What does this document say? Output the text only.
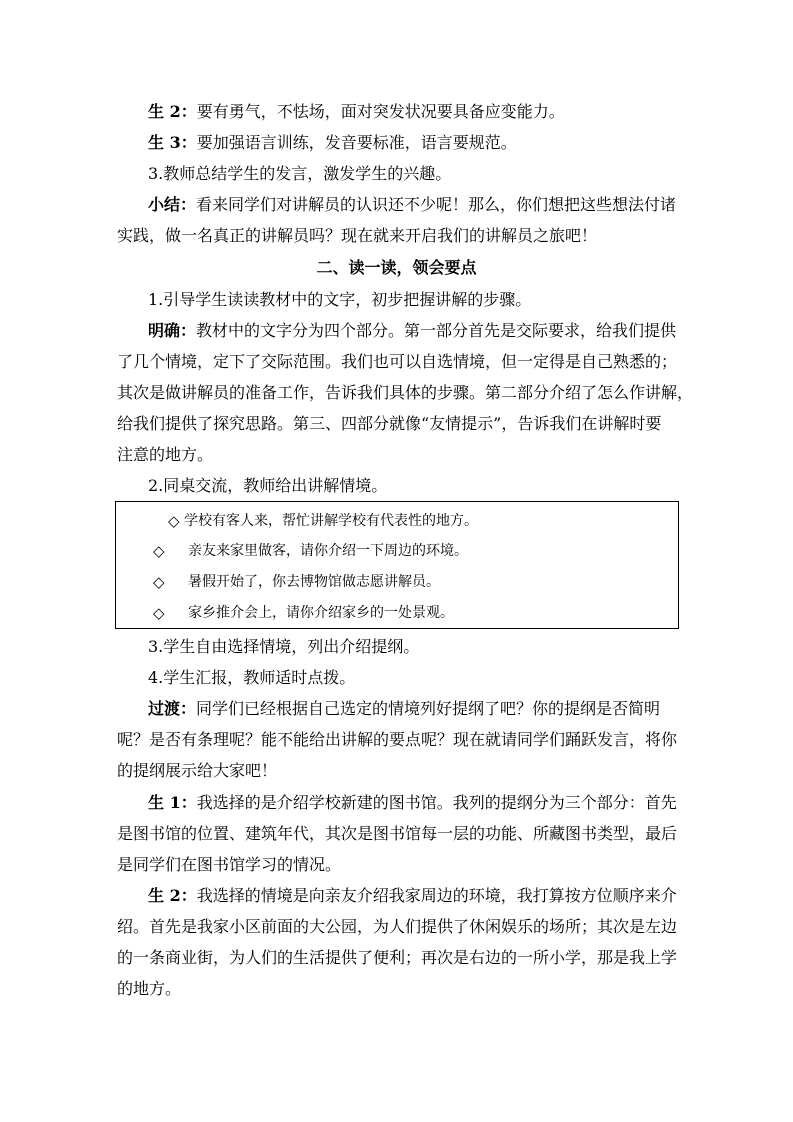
生 2：要有勇气，不怯场，面对突发状况要具备应变能力。

生 3：要加强语言训练，发音要标准，语言要规范。

3.教师总结学生的发言，激发学生的兴趣。

小结：看来同学们对讲解员的认识还不少呢！那么，你们想把这些想法付诸

实践，做一名真正的讲解员吗？现在就来开启我们的讲解员之旅吧！

二、读一读，领会要点

1.引导学生读读教材中的文字，初步把握讲解的步骤。

明确：教材中的文字分为四个部分。第一部分首先是交际要求，给我们提供

了几个情境，定下了交际范围。我们也可以自选情境，但一定得是自己熟悉的；

其次是做讲解员的准备工作，告诉我们具体的步骤。第二部分介绍了怎么作讲解，

给我们提供了探究思路。第三、四部分就像“友情提示”，告诉我们在讲解时要

注意的地方。

2.同桌交流，教师给出讲解情境。

◇ 学校有客人来，帮忙讲解学校有代表性的地方。
◇ 亲友来家里做客，请你介绍一下周边的环境。
◇ 暑假开始了，你去博物馆做志愿讲解员。
◇ 家乡推介会上，请你介绍家乡的一处景观。

3.学生自由选择情境，列出介绍提纲。

4.学生汇报，教师适时点拨。

过渡：同学们已经根据自己选定的情境列好提纲了吧？你的提纲是否简明

呢？是否有条理呢？能不能给出讲解的要点呢？现在就请同学们踊跃发言，将你

的提纲展示给大家吧！

生 1：我选择的是介绍学校新建的图书馆。我列的提纲分为三个部分：首先

是图书馆的位置、建筑年代，其次是图书馆每一层的功能、所藏图书类型，最后

是同学们在图书馆学习的情况。

生 2：我选择的情境是向亲友介绍我家周边的环境，我打算按方位顺序来介

绍。首先是我家小区前面的大公园，为人们提供了休闲娱乐的场所；其次是左边

的一条商业街，为人们的生活提供了便利；再次是右边的一所小学，那是我上学

的地方。
